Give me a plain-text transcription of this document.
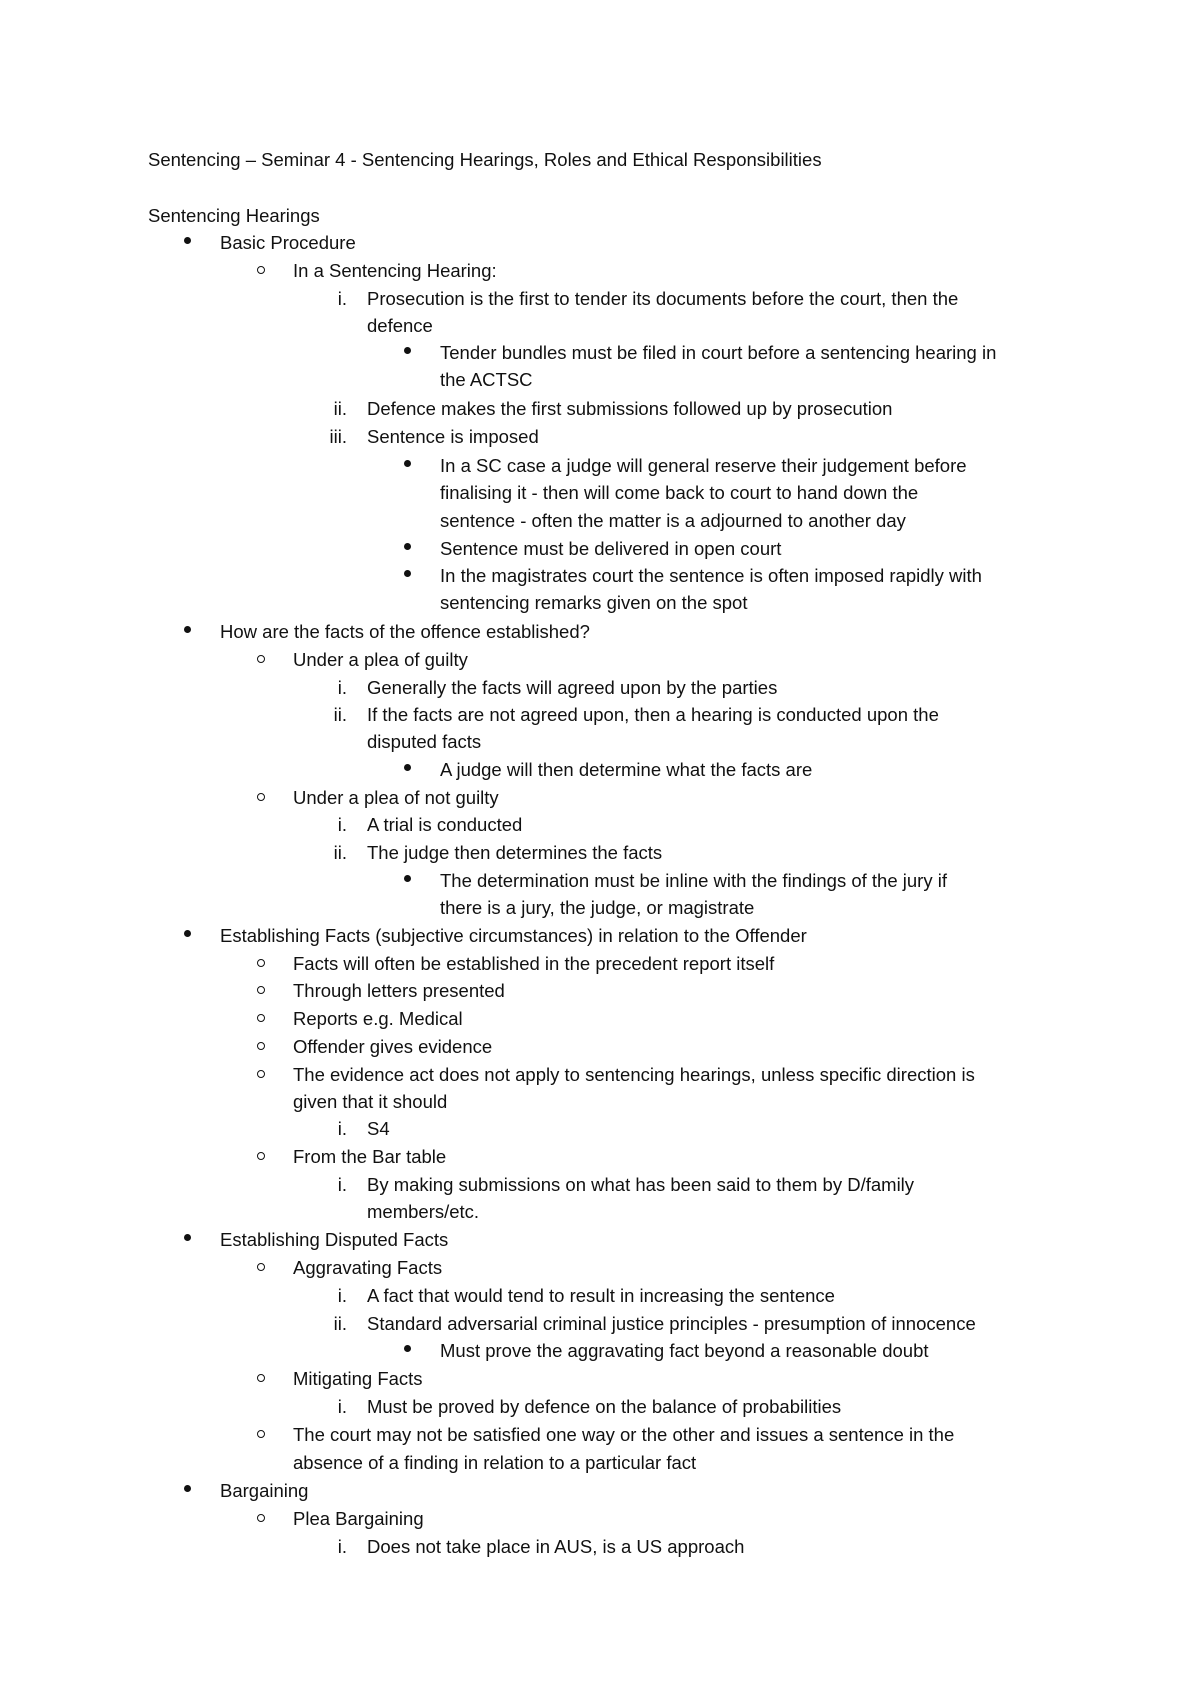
Sentencing – Seminar 4 - Sentencing Hearings, Roles and Ethical Responsibilities
Sentencing Hearings
Basic Procedure
In a Sentencing Hearing:
i. Prosecution is the first to tender its documents before the court, then the
defence
Tender bundles must be filed in court before a sentencing hearing in
the ACTSC
ii. Defence makes the first submissions followed up by prosecution
iii. Sentence is imposed
In a SC case a judge will general reserve their judgement before
finalising it - then will come back to court to hand down the
sentence - often the matter is a adjourned to another day
Sentence must be delivered in open court
In the magistrates court the sentence is often imposed rapidly with
sentencing remarks given on the spot
How are the facts of the offence established?
Under a plea of guilty
i. Generally the facts will agreed upon by the parties
ii. If the facts are not agreed upon, then a hearing is conducted upon the
disputed facts
A judge will then determine what the facts are
Under a plea of not guilty
i. A trial is conducted
ii. The judge then determines the facts
The determination must be inline with the findings of the jury if
there is a jury, the judge, or magistrate
Establishing Facts (subjective circumstances) in relation to the Offender
Facts will often be established in the precedent report itself
Through letters presented
Reports e.g. Medical
Offender gives evidence
The evidence act does not apply to sentencing hearings, unless specific direction is
given that it should
i. S4
From the Bar table
i. By making submissions on what has been said to them by D/family
members/etc.
Establishing Disputed Facts
Aggravating Facts
i. A fact that would tend to result in increasing the sentence
ii. Standard adversarial criminal justice principles - presumption of innocence
Must prove the aggravating fact beyond a reasonable doubt
Mitigating Facts
i. Must be proved by defence on the balance of probabilities
The court may not be satisfied one way or the other and issues a sentence in the
absence of a finding in relation to a particular fact
Bargaining
Plea Bargaining
i. Does not take place in AUS, is a US approach
